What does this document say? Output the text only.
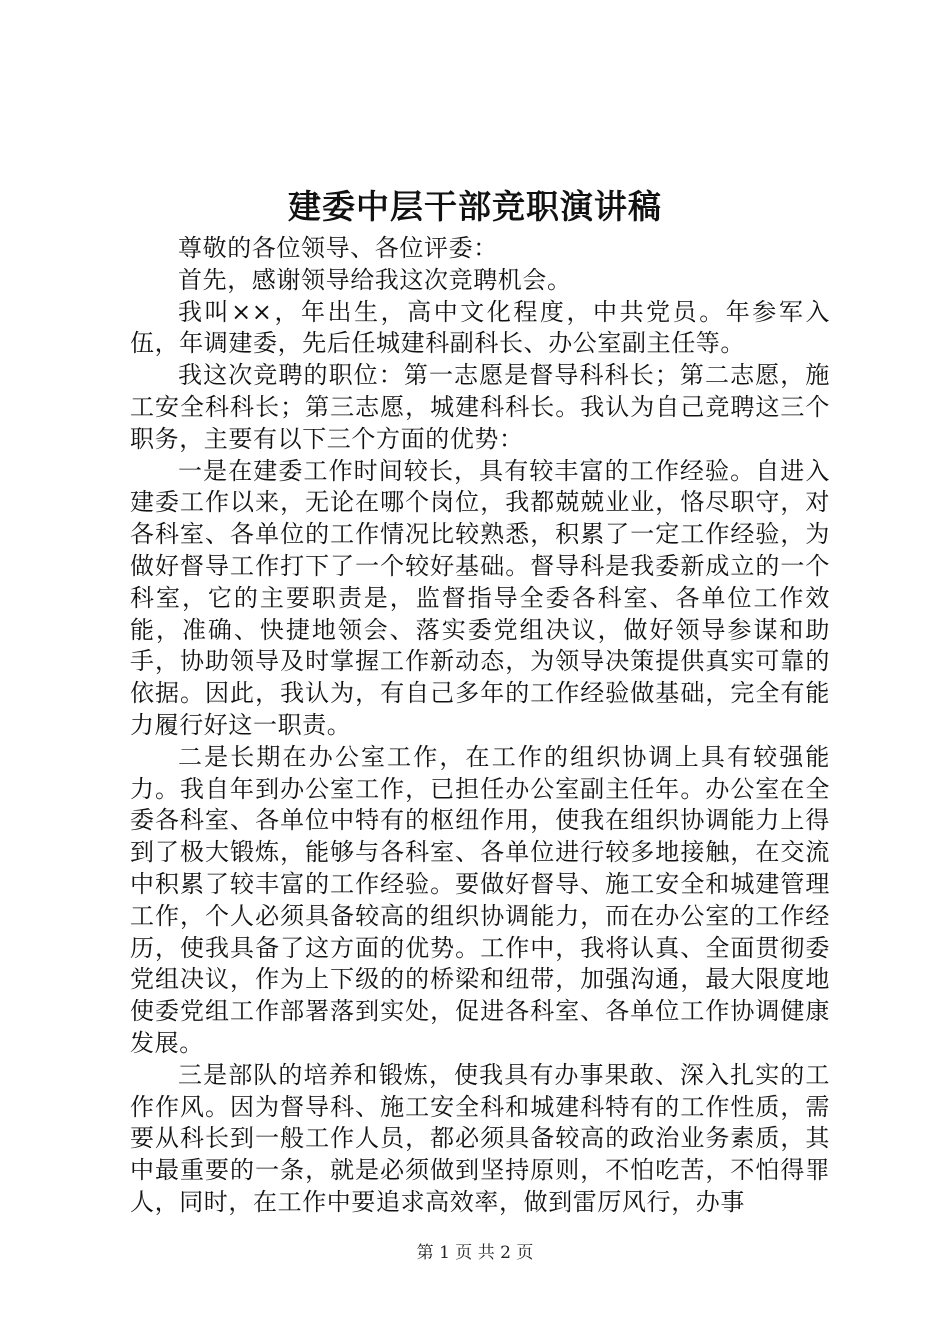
建委中层干部竞职演讲稿

尊敬的各位领导、各位评委：

首先，感谢领导给我这次竞聘机会。

我叫××，年出生，高中文化程度，中共党员。年参军入伍，年调建委，先后任城建科副科长、办公室副主任等。

我这次竞聘的职位：第一志愿是督导科科长；第二志愿，施工安全科科长；第三志愿，城建科科长。我认为自己竞聘这三个职务，主要有以下三个方面的优势：

一是在建委工作时间较长，具有较丰富的工作经验。自进入建委工作以来，无论在哪个岗位，我都兢兢业业，恪尽职守，对各科室、各单位的工作情况比较熟悉，积累了一定工作经验，为做好督导工作打下了一个较好基础。督导科是我委新成立的一个科室，它的主要职责是，监督指导全委各科室、各单位工作效能，准确、快捷地领会、落实委党组决议，做好领导参谋和助手，协助领导及时掌握工作新动态，为领导决策提供真实可靠的依据。因此，我认为，有自己多年的工作经验做基础，完全有能力履行好这一职责。

二是长期在办公室工作，在工作的组织协调上具有较强能力。我自年到办公室工作，已担任办公室副主任年。办公室在全委各科室、各单位中特有的枢纽作用，使我在组织协调能力上得到了极大锻炼，能够与各科室、各单位进行较多地接触，在交流中积累了较丰富的工作经验。要做好督导、施工安全和城建管理工作，个人必须具备较高的组织协调能力，而在办公室的工作经历，使我具备了这方面的优势。工作中，我将认真、全面贯彻委党组决议，作为上下级的的桥梁和纽带，加强沟通，最大限度地使委党组工作部署落到实处，促进各科室、各单位工作协调健康发展。

三是部队的培养和锻炼，使我具有办事果敢、深入扎实的工作作风。因为督导科、施工安全科和城建科特有的工作性质，需要从科长到一般工作人员，都必须具备较高的政治业务素质，其中最重要的一条，就是必须做到坚持原则，不怕吃苦，不怕得罪人，同时，在工作中要追求高效率，做到雷厉风行，办事

第 1 页 共 2 页
